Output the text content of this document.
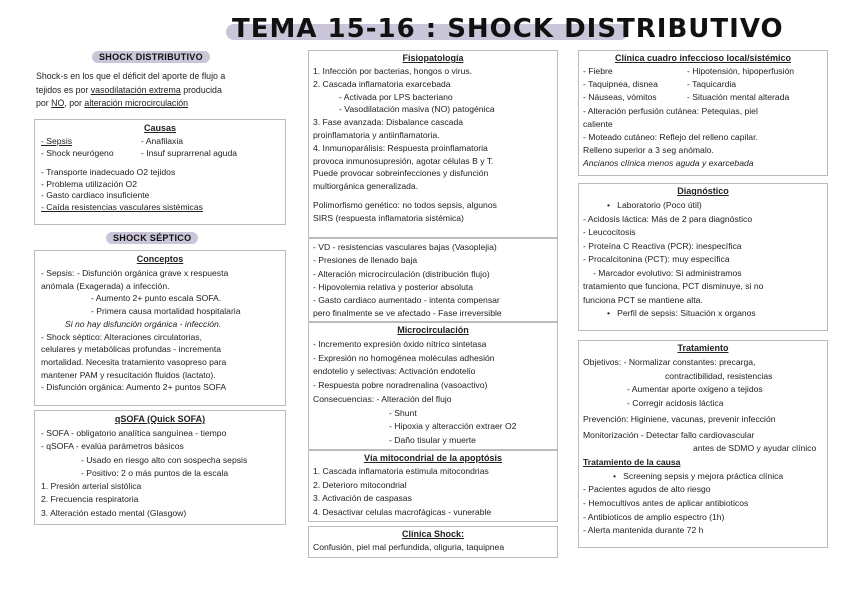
TEMA 15-16 : SHOCK DISTRIBUTIVO
SHOCK DISTRIBUTIVO
Shock-s en los que el déficit del aporte de flujo a
tejidos es por vasodilatación extrema producida
por NO, por alteración microcirculación
Causas
- Sepsis	- Anafilaxia
- Shock neurógeno	- Insuf suprarrenal aguda
- Transporte inadecuado O2 tejidos
- Problema utilización O2
- Gasto cardiaco insuficiente
- Caída resistencias vasculares sistémicas
SHOCK SÉPTICO
Conceptos
- Sepsis: - Disfunción orgánica grave x respuesta
anómala (Exagerada) a infección.
- Aumento 2+ punto escala SOFA.
- Primera causa mortalidad hospitalaria
Si no hay disfunción orgánica - infección.
- Shock séptico: Alteraciones circulatorias,
celulares y metabólicas profundas - incrementa
mortalidad. Necesita tratamiento vasopreso para
mantener PAM y resucitación fluidos (lactato).
- Disfunción orgánica: Aumento 2+ puntos SOFA
qSOFA (Quick SOFA)
- SOFA - obligatorio analítica sanguínea - tiempo
- qSOFA - evalúa parámetros básicos
- Usado en riesgo alto con sospecha sepsis
- Positivo: 2 o más puntos de la escala
1. Presión arterial sistólica
2. Frecuencia respiratoria
3. Alteración estado mental (Glasgow)
Fisiopatología
1. Infección por bacterias, hongos o virus.
2. Cascada inflamatoria exarcebada
- Activada por LPS bacteriano
- Vasodilatación masiva (NO) patogénica
3. Fase avanzada: Disbalance cascada
proinflamatoria y antiinflamatoria.
4. Inmunoparálisis: Respuesta proinflamatoria
provoca inmunosupresión, agotar células B y T.
Puede provocar sobreinfecciones y disfunción
multiorgánica generalizada.
Polimorfismo genético: no todos sepsis, algunos
SIRS (respuesta inflamatoria sistémica)
- VD - resistencias vasculares bajas (Vasoplejia)
- Presiones de llenado baja
- Alteración microcirculación (distribución flujo)
- Hipovolemia relativa y posterior absoluta
- Gasto cardiaco aumentado - intenta compensar
pero finalmente se ve afectado - Fase irreversible
Microcirculación
- Incremento expresión óxido nítrico sintetasa
- Expresión no homogénea moléculas adhesión
endotelio y selectivas: Activación endotelio
- Respuesta pobre noradrenalina (vasoactivo)
Consecuencias: - Alteración del flujo
- Shunt
- Hipoxia y alteracción extraer O2
- Daño tisular y muerte
Vía mitocondrial de la apoptósis
1. Cascada inflamatoria estimula mitocondrias
2. Deterioro mitocondrial
3. Activación de caspasas
4. Desactivar celulas macrofágicas - vunerable
Clínica Shock:
Confusión, piel mal perfundida, oliguria, taquipnea
Clínica cuadro infeccioso local/sistémico
- Fiebre	- Hipotensión, hipoperfusión
- Taquipnea, disnea	- Taquicardia
- Náuseas, vómitos	- Situación mental alterada
- Alteración perfusión cutánea: Petequias, piel
caliente
- Moteado cutáneo: Reflejo del relleno capilar.
Relleno superior a 3 seg anómalo.
Ancianos clínica menos aguda y exarcebada
Diagnóstico
•   Laboratorio (Poco útil)
- Acidosis láctica: Más de 2 para diagnóstico
- Leucocitosis
- Proteína C Reactiva (PCR): inespecífica
- Procalcitonina (PCT): muy específica
- Marcador evolutivo: Si administramos
tratamiento que funciona, PCT disminuye, si no
funciona PCT se mantiene alta.
•   Perfil de sepsis: Situación x organos
Tratamiento
Objetivos: - Normalizar constantes: precarga,
contractibilidad, resistencias
- Aumentar aporte oxigeno a tejidos
- Corregir acidosis láctica
Prevención: Higiniene, vacunas, prevenir infección
Monitorización - Detectar fallo cardiovascular
antes de SDMO y ayudar clínico
Tratamiento de la causa
•   Screening sepsis y mejora práctica clínica
- Pacientes agudos de alto riesgo
- Hemocultivos antes de aplicar antibioticos
- Antibioticos de amplio espectro (1h)
- Alerta mantenida durante 72 h
